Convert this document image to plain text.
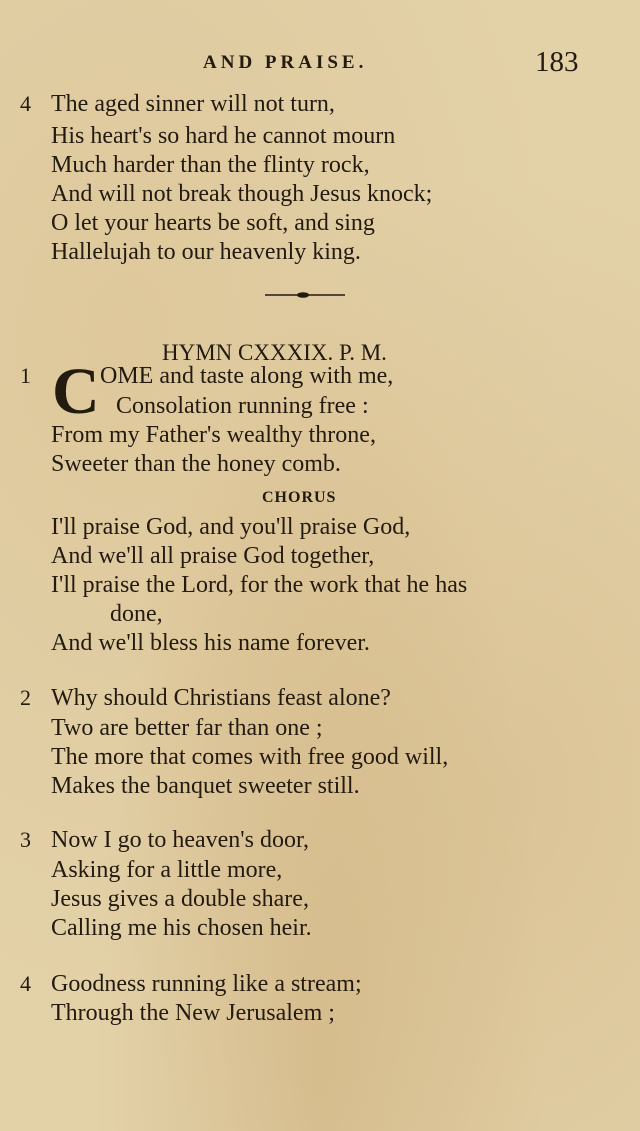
AND PRAISE.	183
4 The aged sinner will not turn,
His heart's so hard he cannot mourn
Much harder than the flinty rock,
And will not break though Jesus knock;
O let your hearts be soft, and sing
Hallelujah to our heavenly king.
HYMN CXXXIX. P. M.
1 C OME and taste along with me,
Consolation running free :
From my Father's wealthy throne,
Sweeter than the honey comb.
CHORUS
I'll praise God, and you'll praise God,
And we'll all praise God together,
I'll praise the Lord, for the work that he has
done,
And we'll bless his name forever.
2 Why should Christians feast alone?
Two are better far than one ;
The more that comes with free good will,
Makes the banquet sweeter still.
3 Now I go to heaven's door,
Asking for a little more,
Jesus gives a double share,
Calling me his chosen heir.
4 Goodness running like a stream;
Through the New Jerusalem ;
